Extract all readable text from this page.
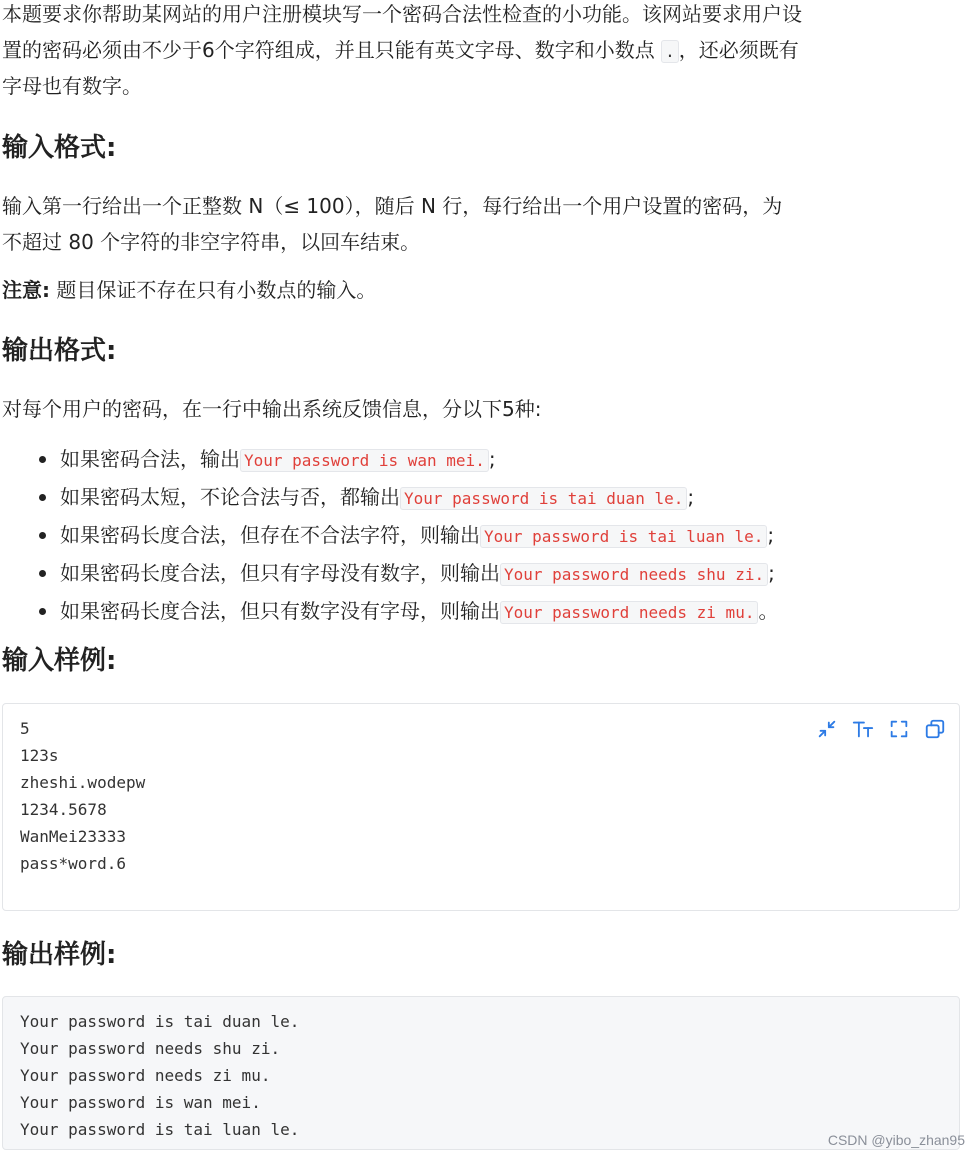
本题要求你帮助某网站的用户注册模块写一个密码合法性检查的小功能。该网站要求用户设
置的密码必须由不少于6个字符组成，并且只能有英文字母、数字和小数点 . ，还必须既有
字母也有数字。
输入格式:
输入第一行给出一个正整数 N（≤ 100），随后 N 行，每行给出一个用户设置的密码，为
不超过 80 个字符的非空字符串，以回车结束。
注意: 题目保证不存在只有小数点的输入。
输出格式:
对每个用户的密码，在一行中输出系统反馈信息，分以下5种:
如果密码合法，输出 Your password is wan mei. ;
如果密码太短，不论合法与否，都输出 Your password is tai duan le. ;
如果密码长度合法，但存在不合法字符，则输出 Your password is tai luan le. ;
如果密码长度合法，但只有字母没有数字，则输出 Your password needs shu zi. ;
如果密码长度合法，但只有数字没有字母，则输出 Your password needs zi mu. 。
输入样例:
5
123s
zheshi.wodepw
1234.5678
WanMei23333
pass*word.6
输出样例:
Your password is tai duan le.
Your password needs shu zi.
Your password needs zi mu.
Your password is wan mei.
Your password is tai luan le.
CSDN @yibo_zhan95
